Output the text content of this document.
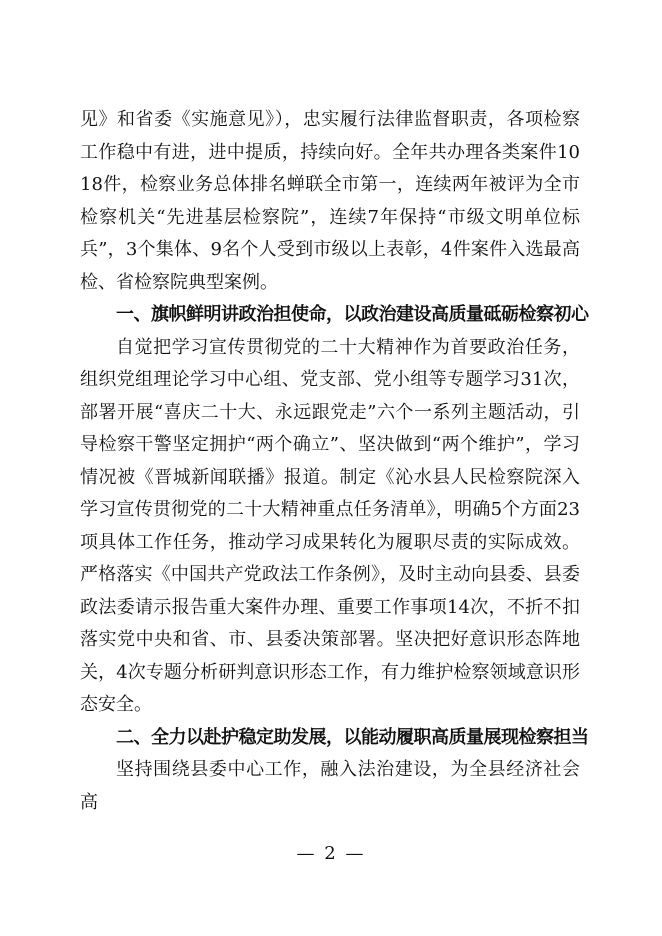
见》和省委《实施意见》），忠实履行法律监督职责，各项检察工作稳中有进，进中提质，持续向好。全年共办理各类案件1018件，检察业务总体排名蝉联全市第一，连续两年被评为全市检察机关“先进基层检察院”，连续7年保持“市级文明单位标兵”，3个集体、9名个人受到市级以上表彰，4件案件入选最高检、省检察院典型案例。

一、旗帜鲜明讲政治担使命，以政治建设高质量砥砺检察初心

自觉把学习宣传贯彻党的二十大精神作为首要政治任务，组织党组理论学习中心组、党支部、党小组等专题学习31次，部署开展“喜庆二十大、永远跟党走”六个一系列主题活动，引导检察干警坚定拥护“两个确立”、坚决做到“两个维护”，学习情况被《晋城新闻联播》报道。制定《沁水县人民检察院深入学习宣传贯彻党的二十大精神重点任务清单》，明确5个方面23项具体工作任务，推动学习成果转化为履职尽责的实际成效。严格落实《中国共产党政法工作条例》，及时主动向县委、县委政法委请示报告重大案件办理、重要工作事项14次，不折不扣落实党中央和省、市、县委决策部署。坚决把好意识形态阵地关，4次专题分析研判意识形态工作，有力维护检察领域意识形态安全。

二、全力以赴护稳定助发展，以能动履职高质量展现检察担当

坚持围绕县委中心工作，融入法治建设，为全县经济社会高

— 2 —
